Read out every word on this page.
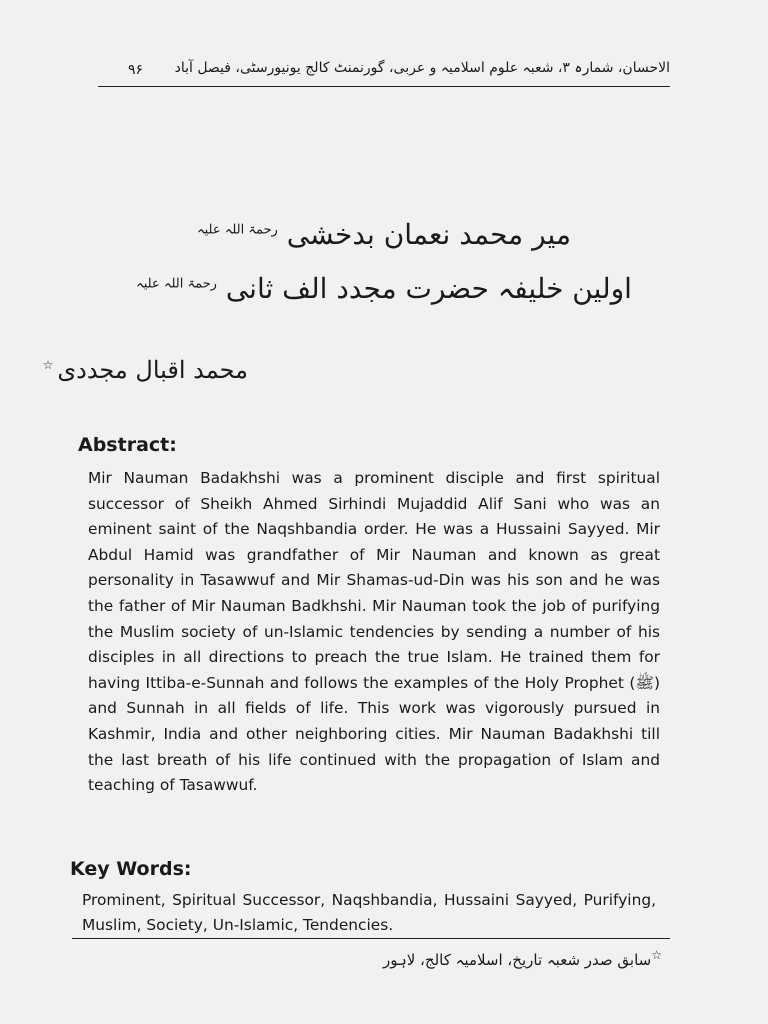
۹۶ الاحسان، شمارہ ۳، شعبہ علوم اسلامیہ و عربی، گورنمنٹ کالج یونیورسٹی، فیصل آباد
میر محمد نعمان بدخشی $^{رحمۃ اللہ علیہ}$
اولین خلیفہ حضرت مجدد الف ثانی $^{رحمۃ اللہ علیہ}$
محمد اقبال مجددی☆
Abstract:
Mir Nauman Badakhshi was a prominent disciple and first spiritual successor of Sheikh Ahmed Sirhindi Mujaddid Alif Sani who was an eminent saint of the Naqshbandia order. He was a Hussaini Sayyed. Mir Abdul Hamid was grandfather of Mir Nauman and known as great personality in Tasawwuf and Mir Shamas-ud-Din was his son and he was the father of Mir Nauman Badkhshi. Mir Nauman took the job of purifying the Muslim society of un-Islamic tendencies by sending a number of his disciples in all directions to preach the true Islam. He trained them for having Ittiba-e-Sunnah and follows the examples of the Holy Prophet (ﷺ) and Sunnah in all fields of life. This work was vigorously pursued in Kashmir, India and other neighboring cities. Mir Nauman Badakhshi till the last breath of his life continued with the propagation of Islam and teaching of Tasawwuf.
Key Words:
Prominent, Spiritual Successor, Naqshbandia, Hussaini Sayyed, Purifying, Muslim, Society, Un-Islamic, Tendencies.
☆سابق صدر شعبہ تاریخ، اسلامیہ کالج، لاہور
